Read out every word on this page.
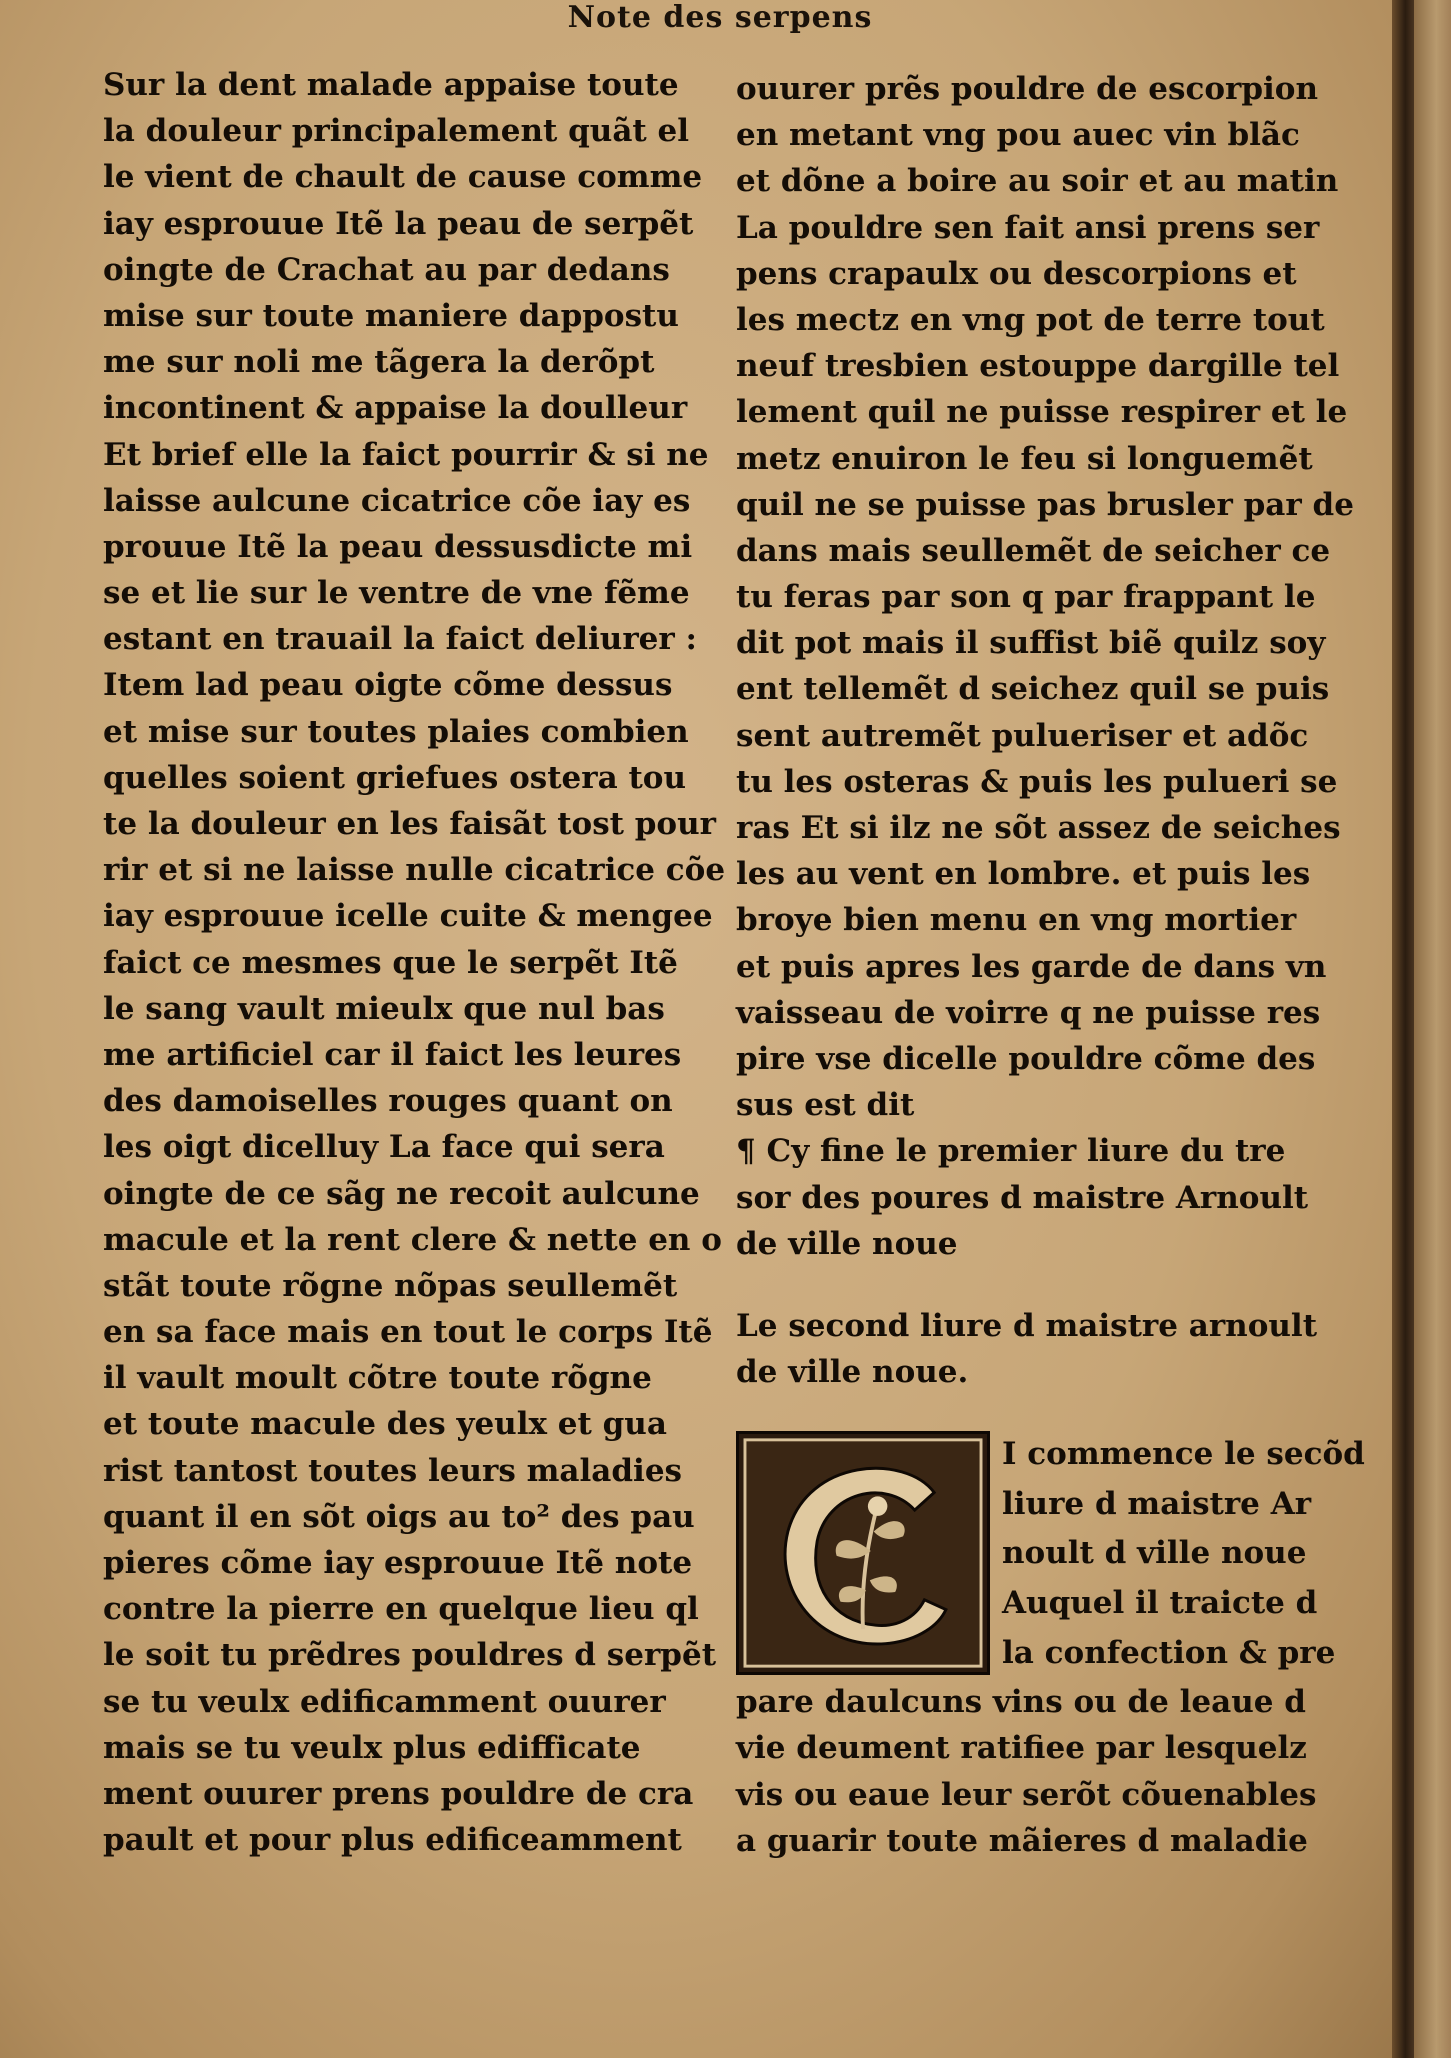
Note des serpens
Sur la dent malade appaise toute
la douleur principalement quãt el
le vient de chault de cause comme
iay esprouue Itẽ la peau de serpẽt
oingte de Crachat au par dedans
mise sur toute maniere dappostu
me sur noli me tãgera la derõpt
incontinent & appaise la doulleur
Et brief elle la faict pourrir & si ne
laisse aulcune cicatrice cõe iay es
prouue Itẽ la peau dessusdicte mi
se et lie sur le ventre de vne fẽme
estant en trauail la faict deliurer :
Item lad peau oigte cõme dessus
et mise sur toutes plaies combien
quelles soient griefues ostera tou
te la douleur en les faisãt tost pour
rir et si ne laisse nulle cicatrice cõe
iay esprouue icelle cuite & mengee
faict ce mesmes que le serpẽt Itẽ
le sang vault mieulx que nul bas
me artificiel car il faict les leures
des damoiselles rouges quant on
les oigt dicelluy La face qui sera
oingte de ce sãg ne recoit aulcune
macule et la rent clere & nette en o
stãt toute rõgne nõpas seullemẽt
en sa face mais en tout le corps Itẽ
il vault moult cõtre toute rõgne
et toute macule des yeulx et gua
rist tantost toutes leurs maladies
quant il en sõt oigs au to² des pau
pieres cõme iay esprouue Itẽ note
contre la pierre en quelque lieu ql
le soit tu prẽdres pouldres d serpẽt
se tu veulx edificamment ouurer
mais se tu veulx plus edifficate
ment ouurer prens pouldre de cra
pault et pour plus edificeamment
ouurer prẽs pouldre de escorpion
en metant vng pou auec vin blãc
et dõne a boire au soir et au matin
La pouldre sen fait ansi prens ser
pens crapaulx ou descorpions et
les mectz en vng pot de terre tout
neuf tresbien estouppe dargille tel
lement quil ne puisse respirer et le
metz enuiron le feu si longuemẽt
quil ne se puisse pas brusler par de
dans mais seullemẽt de seicher ce
tu feras par son q par frappant le
dit pot mais il suffist biẽ quilz soy
ent tellemẽt d seichez quil se puis
sent autremẽt pulueriser et adõc
tu les osteras & puis les pulueri se
ras Et si ilz ne sõt assez de seiches
les au vent en lombre. et puis les
broye bien menu en vng mortier
et puis apres les garde de dans vn
vaisseau de voirre q ne puisse res
pire vse dicelle pouldre cõme des
sus est dit
¶ Cy fine le premier liure du tre
sor des poures d maistre Arnoult
de ville noue
Le second liure d maistre arnoult
de ville noue.
I commence le secõd
liure d maistre Ar
noult d ville noue
Auquel il traicte d
la confection & pre
pare daulcuns vins ou de leaue d
vie deument ratifiee par lesquelz
vis ou eaue leur serõt cõuenables
a guarir toute mãieres d maladie
